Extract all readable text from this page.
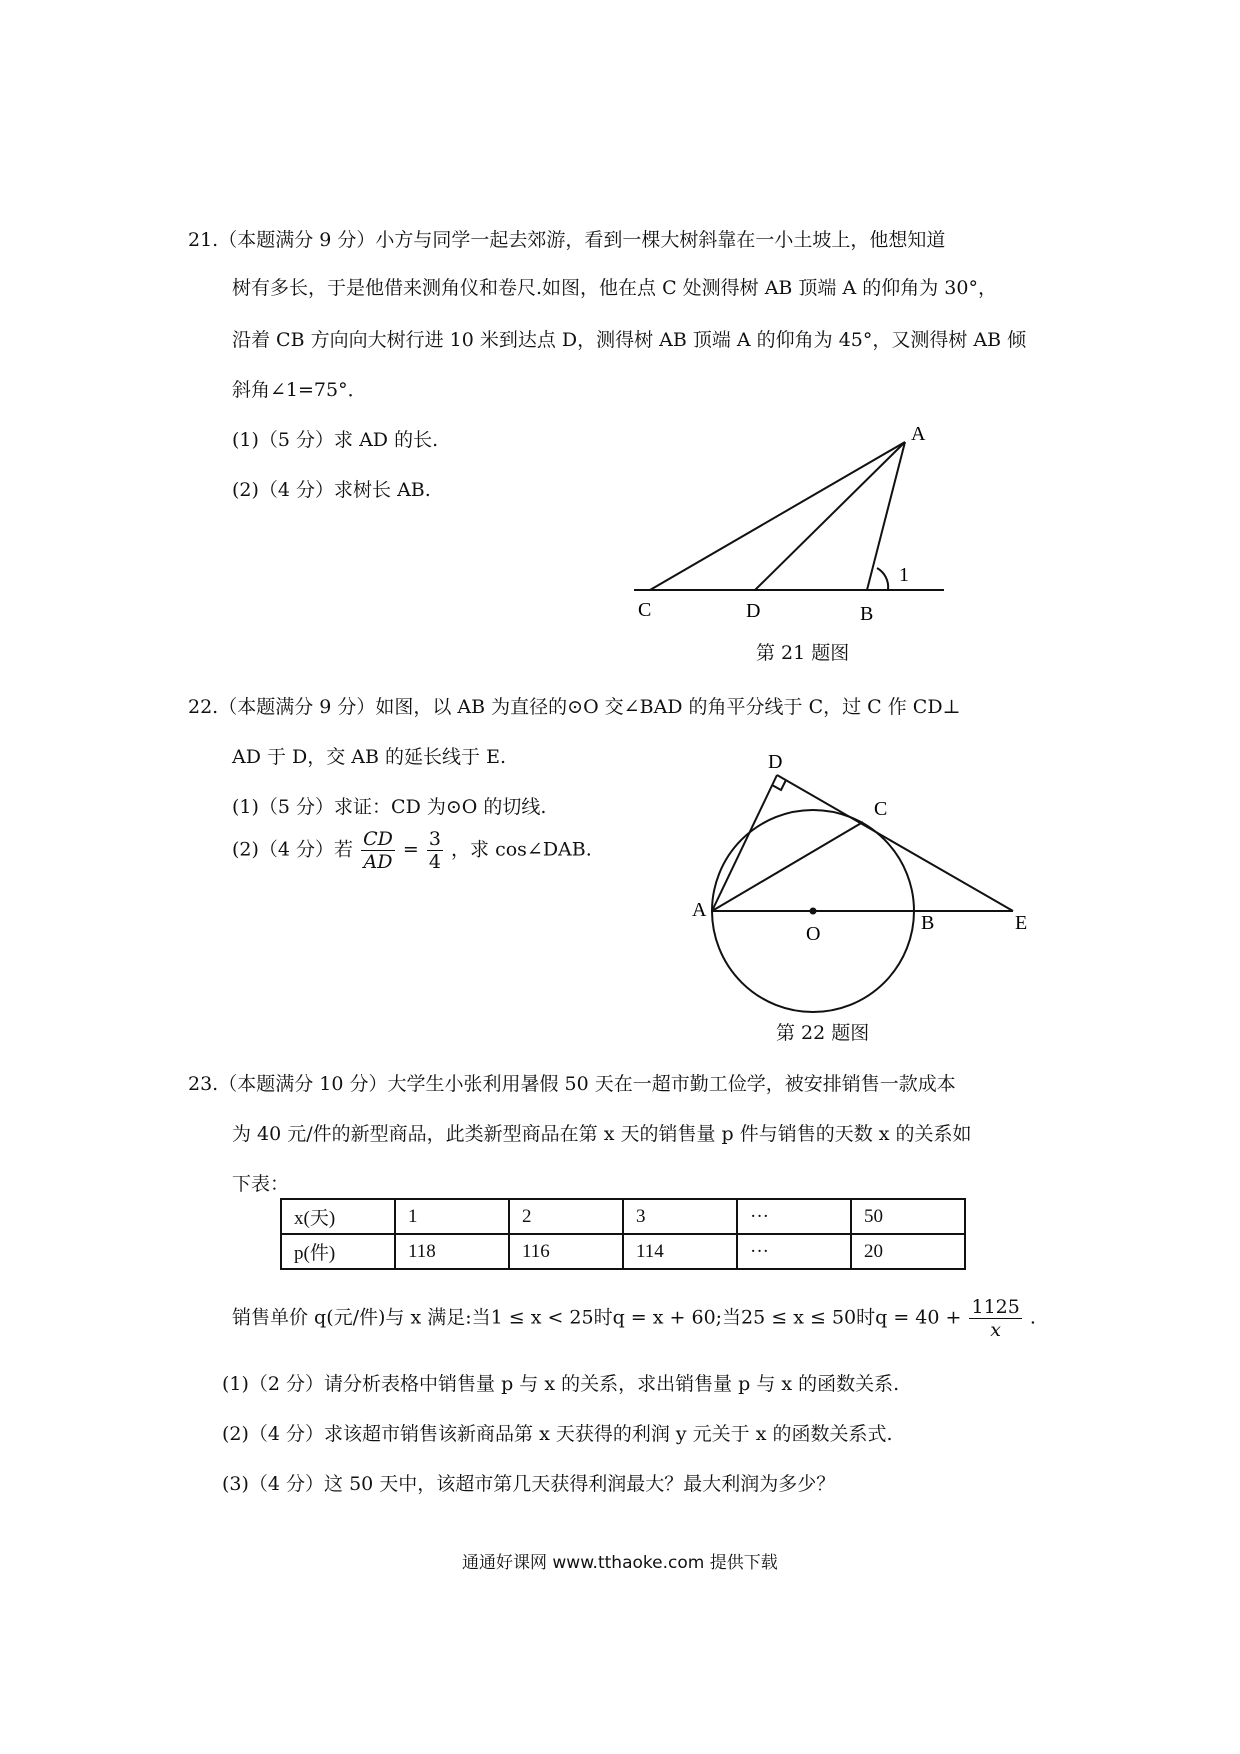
21.（本题满分 9 分）小方与同学一起去郊游，看到一棵大树斜靠在一小土坡上，他想知道
树有多长，于是他借来测角仪和卷尺.如图，他在点 C 处测得树 AB 顶端 A 的仰角为 30°，
沿着 CB 方向向大树行进 10 米到达点 D，测得树 AB 顶端 A 的仰角为 45°，又测得树 AB 倾
斜角∠1=75°．
(1)（5 分）求 AD 的长.
(2)（4 分）求树长 AB.
A
C	D	B
1
第 21 题图
22.（本题满分 9 分）如图，以 AB 为直径的⊙O 交∠BAD 的角平分线于 C，过 C 作 CD⊥
AD 于 D，交 AB 的延长线于 E.
(1)（5 分）求证：CD 为⊙O 的切线.
(2)（4 分）若 $\frac{CD}{AD} = \frac{3}{4}$ ，求 cos∠DAB.
D
C
A
O	B	E
第 22 题图
23.（本题满分 10 分）大学生小张利用暑假 50 天在一超市勤工俭学，被安排销售一款成本
为 40 元/件的新型商品，此类新型商品在第 x 天的销售量 p 件与销售的天数 x 的关系如
下表：
x(天)	1	2	3	···	50
p(件)	118	116	114	···	20
销售单价 q(元/件)与 x 满足:当1 ≤ x < 25时q = x + 60;当25 ≤ x ≤ 50时$q = 40 + \frac{1125}{x}$ .
(1)（2 分）请分析表格中销售量 p 与 x 的关系，求出销售量 p 与 x 的函数关系.
(2)（4 分）求该超市销售该新商品第 x 天获得的利润 y 元关于 x 的函数关系式.
(3)（4 分）这 50 天中，该超市第几天获得利润最大？最大利润为多少？
通通好课网 www.tthaoke.com 提供下载
